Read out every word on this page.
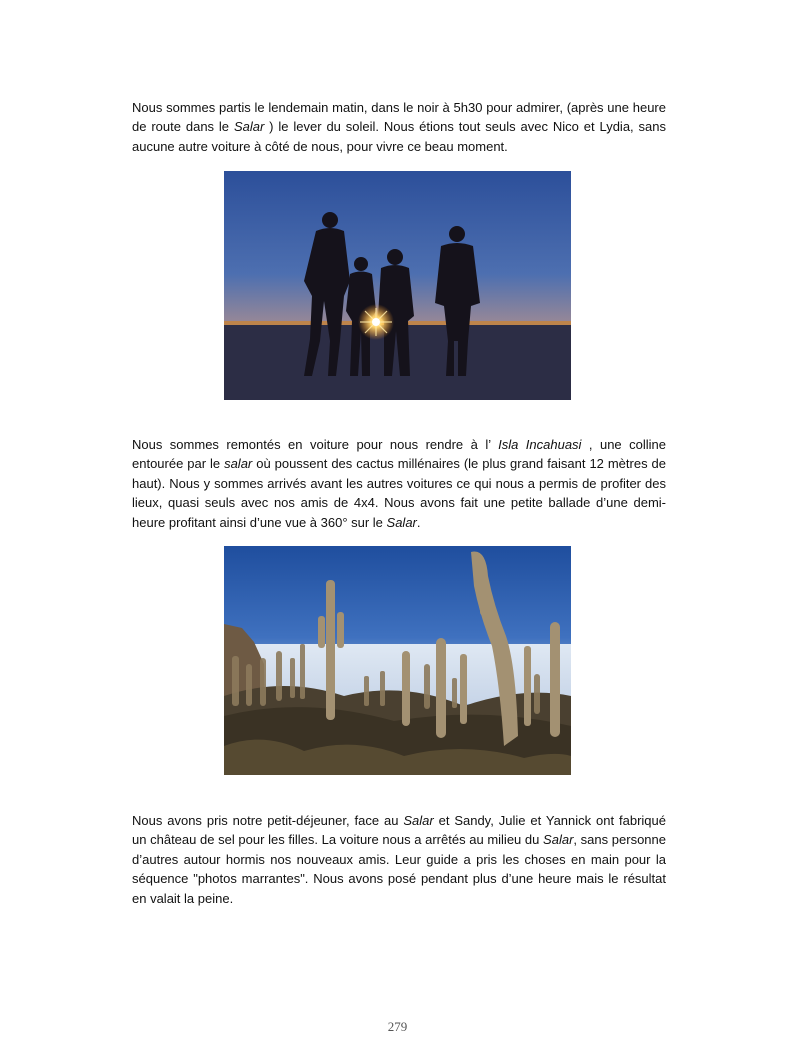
Nous sommes partis le lendemain matin, dans le noir à 5h30 pour admirer, (après une heure de route dans le Salar ) le lever du soleil. Nous étions tout seuls avec Nico et Lydia, sans aucune autre voiture à côté de nous, pour vivre ce beau moment.

Nous sommes remontés en voiture pour nous rendre à l’ Isla Incahuasi , une colline entourée par le salar où poussent des cactus millénaires (le plus grand faisant 12 mètres de haut). Nous y sommes arrivés avant les autres voitures ce qui nous a permis de profiter des lieux, quasi seuls avec nos amis de 4x4. Nous avons fait une petite ballade d’une demi-heure profitant ainsi d’une vue à 360° sur le Salar.

Nous avons pris notre petit-déjeuner, face au Salar et Sandy, Julie et Yannick ont fabriqué un château de sel pour les filles. La voiture nous a arrêtés au milieu du Salar, sans personne d’autres autour hormis nos nouveaux amis. Leur guide a pris les choses en main pour la séquence "photos marrantes". Nous avons posé pendant plus d’une heure mais le résultat en valait la peine.

279
